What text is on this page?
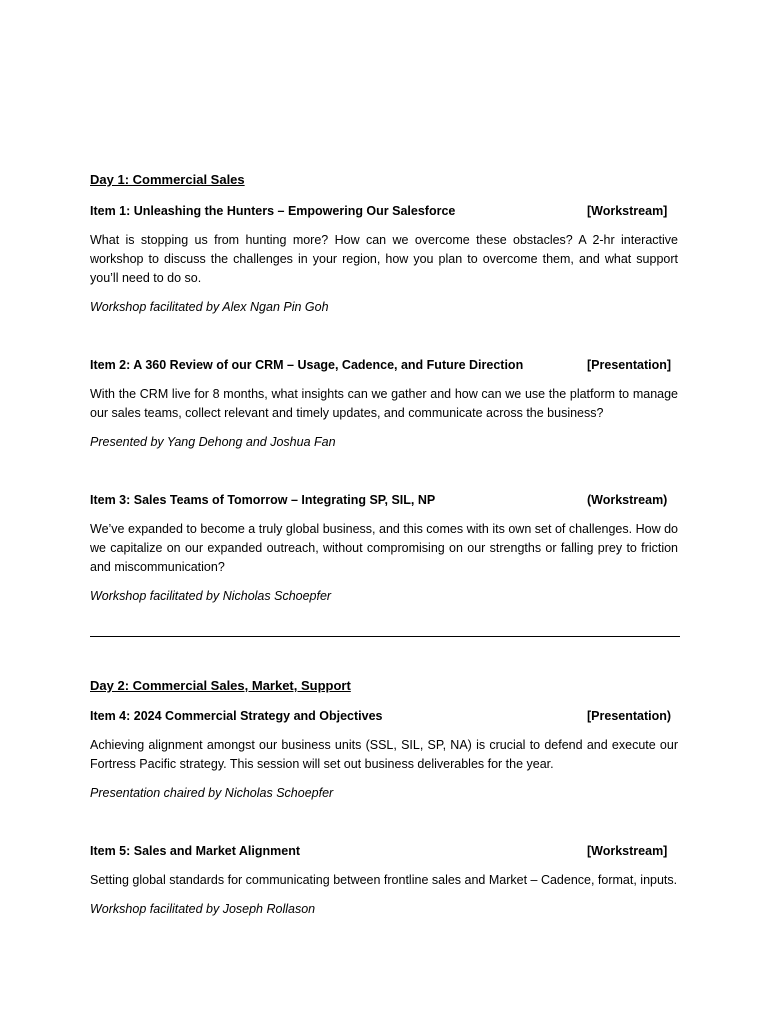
Day 1: Commercial Sales
Item 1: Unleashing the Hunters – Empowering Our Salesforce	[Workstream]

What is stopping us from hunting more? How can we overcome these obstacles? A 2-hr interactive workshop to discuss the challenges in your region, how you plan to overcome them, and what support you’ll need to do so.

Workshop facilitated by Alex Ngan Pin Goh

Item 2: A 360 Review of our CRM – Usage, Cadence, and Future Direction	[Presentation]

With the CRM live for 8 months, what insights can we gather and how can we use the platform to manage our sales teams, collect relevant and timely updates, and communicate across the business?

Presented by Yang Dehong and Joshua Fan

Item 3: Sales Teams of Tomorrow – Integrating SP, SIL, NP	(Workstream)

We’ve expanded to become a truly global business, and this comes with its own set of challenges. How do we capitalize on our expanded outreach, without compromising on our strengths or falling prey to friction and miscommunication?

Workshop facilitated by Nicholas Schoepfer

Day 2: Commercial Sales, Market, Support
Item 4: 2024 Commercial Strategy and Objectives	[Presentation)

Achieving alignment amongst our business units (SSL, SIL, SP, NA) is crucial to defend and execute our Fortress Pacific strategy. This session will set out business deliverables for the year.

Presentation chaired by Nicholas Schoepfer

Item 5: Sales and Market Alignment	[Workstream]

Setting global standards for communicating between frontline sales and Market – Cadence, format, inputs.

Workshop facilitated by Joseph Rollason
